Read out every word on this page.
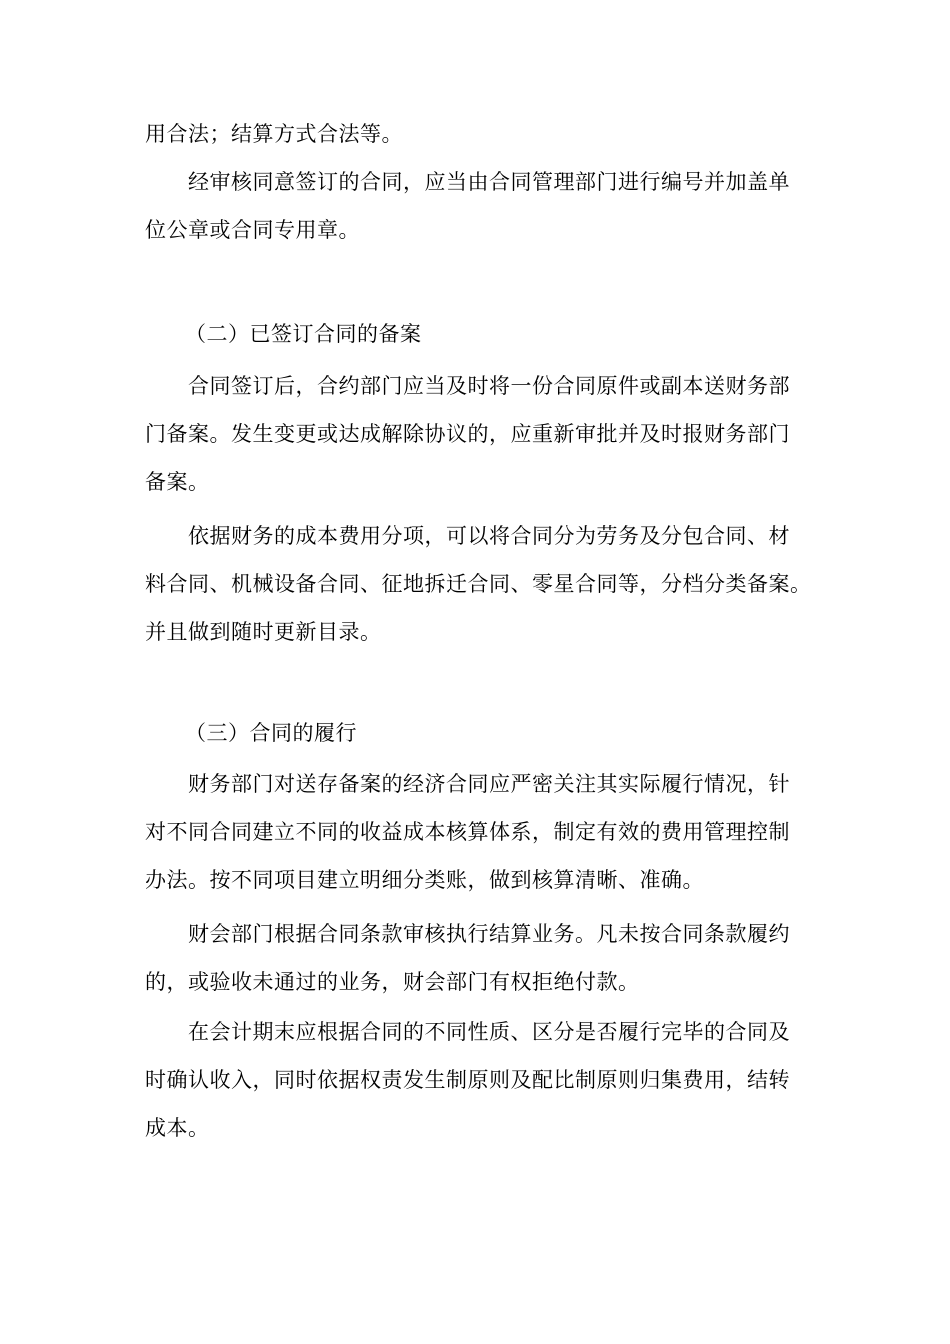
用合法；结算方式合法等。
经审核同意签订的合同，应当由合同管理部门进行编号并加盖单
位公章或合同专用章。
（二）已签订合同的备案
合同签订后，合约部门应当及时将一份合同原件或副本送财务部
门备案。发生变更或达成解除协议的，应重新审批并及时报财务部门
备案。
依据财务的成本费用分项，可以将合同分为劳务及分包合同、材
料合同、机械设备合同、征地拆迁合同、零星合同等，分档分类备案。
并且做到随时更新目录。
（三）合同的履行
财务部门对送存备案的经济合同应严密关注其实际履行情况，针
对不同合同建立不同的收益成本核算体系，制定有效的费用管理控制
办法。按不同项目建立明细分类账，做到核算清晰、准确。
财会部门根据合同条款审核执行结算业务。凡未按合同条款履约
的，或验收未通过的业务，财会部门有权拒绝付款。
在会计期末应根据合同的不同性质、区分是否履行完毕的合同及
时确认收入，同时依据权责发生制原则及配比制原则归集费用，结转
成本。
